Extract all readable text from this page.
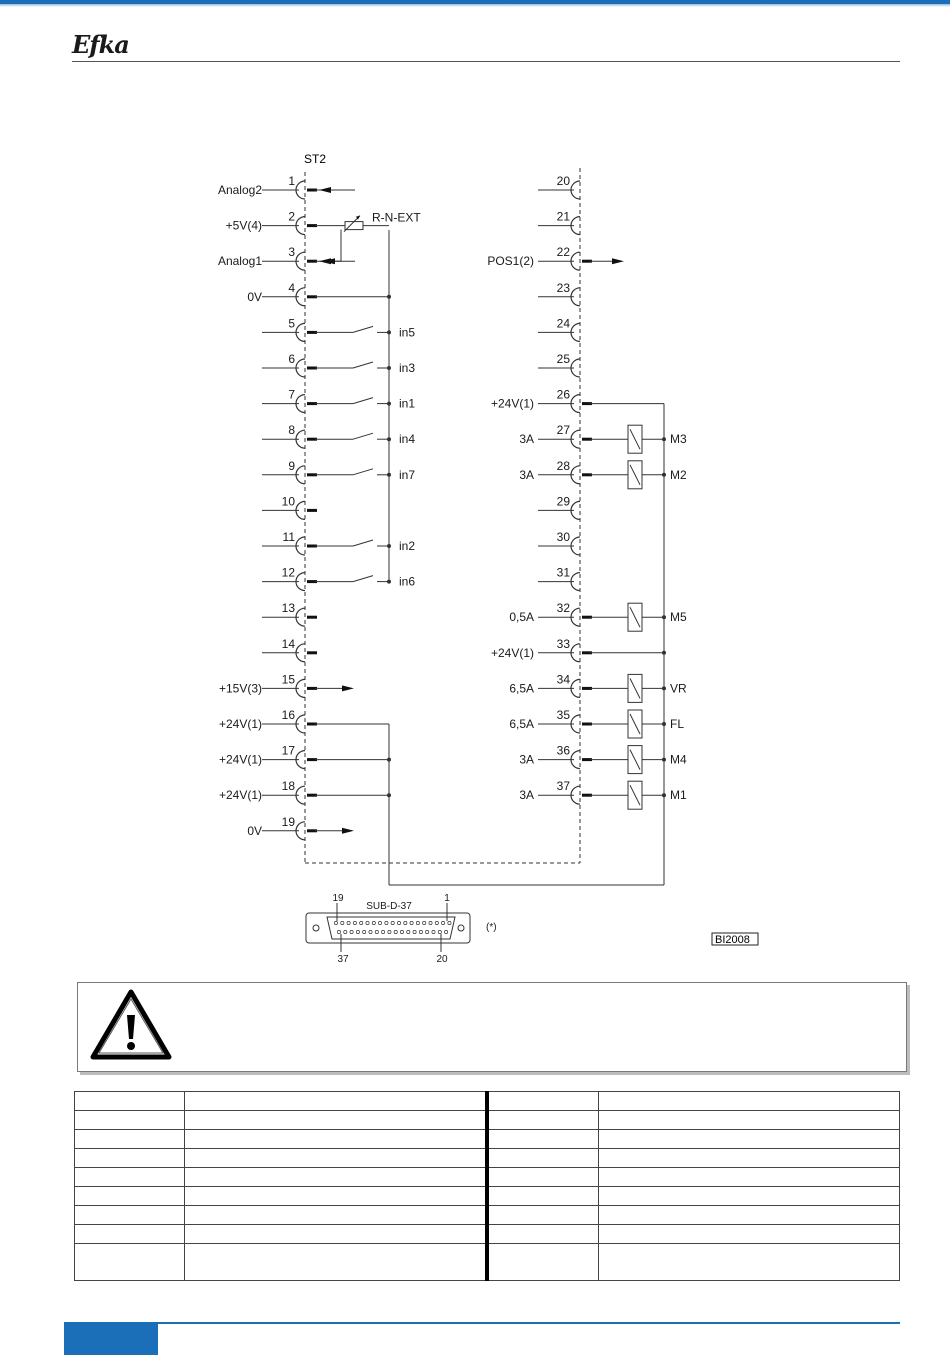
Efka
ST2
1
Analog2
2
+5V(4)
3
Analog1
4
0V
5
in5
6
in3
7
in1
8
in4
9
in7
10
11
in2
12
in6
13
14
15
+15V(3)
16
+24V(1)
17
+24V(1)
18
+24V(1)
19
0V
20
21
22
POS1(2)
23
24
25
26
+24V(1)
27
3A	M3
28
3A	M2
29
30
31
32
0,5A	M5
33
+24V(1)
34
6,5A	VR
35
6,5A	FL
36
3A	M4
37
3A	M1
R-N-EXT
19	1
37	20
SUB-D-37
(*)
BI2008
